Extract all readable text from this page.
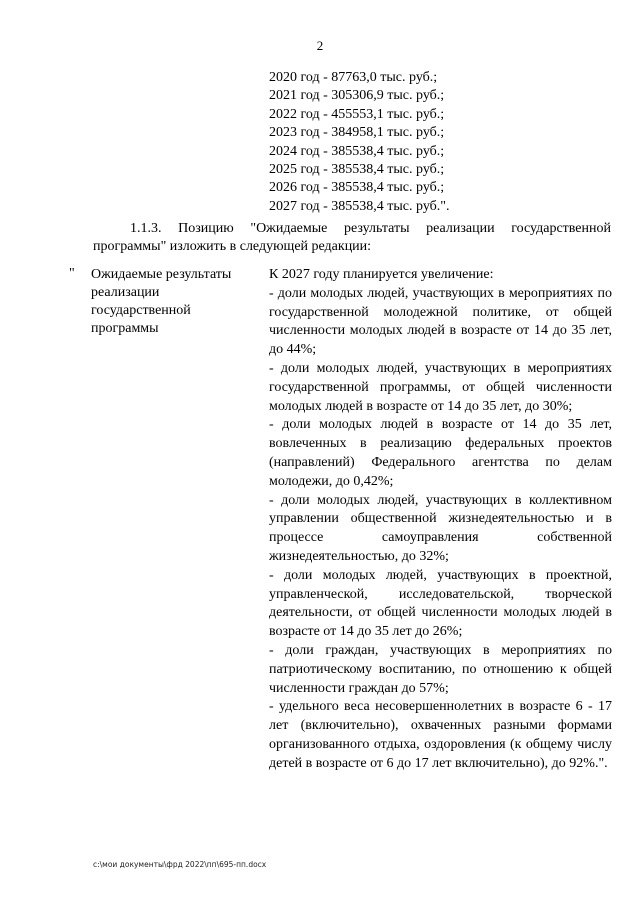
2
2020 год - 87763,0 тыс. руб.;
2021 год - 305306,9 тыс. руб.;
2022 год - 455553,1 тыс. руб.;
2023 год - 384958,1 тыс. руб.;
2024 год - 385538,4 тыс. руб.;
2025 год - 385538,4 тыс. руб.;
2026 год - 385538,4 тыс. руб.;
2027 год - 385538,4 тыс. руб.".
1.1.3. Позицию "Ожидаемые результаты реализации государственной программы" изложить в следующей редакции:
" Ожидаемые результаты реализации государственной программы

К 2027 году планируется увеличение:

- доли молодых людей, участвующих в мероприятиях по государственной молодежной политике, от общей численности молодых людей в возрасте от 14 до 35 лет, до 44%;

- доли молодых людей, участвующих в мероприятиях государственной программы, от общей численности молодых людей в возрасте от 14 до 35 лет, до 30%;

- доли молодых людей в возрасте от 14 до 35 лет, вовлеченных в реализацию федеральных проектов (направлений) Федерального агентства по делам молодежи, до 0,42%;

- доли молодых людей, участвующих в коллективном управлении общественной жизнедеятельностью и в процессе самоуправления собственной жизнедеятельностью, до 32%;

- доли молодых людей, участвующих в проектной, управленческой, исследовательской, творческой деятельности, от общей численности молодых людей в возрасте от 14 до 35 лет до 26%;

- доли граждан, участвующих в мероприятиях по патриотическому воспитанию, по отношению к общей численности граждан до 57%;

- удельного веса несовершеннолетних в возрасте 6 - 17 лет (включительно), охваченных разными формами организованного отдыха, оздоровления (к общему числу детей в возрасте от 6 до 17 лет включительно), до 92%.".

c:\мои документы\фрд 2022\пп\695-пп.docx
